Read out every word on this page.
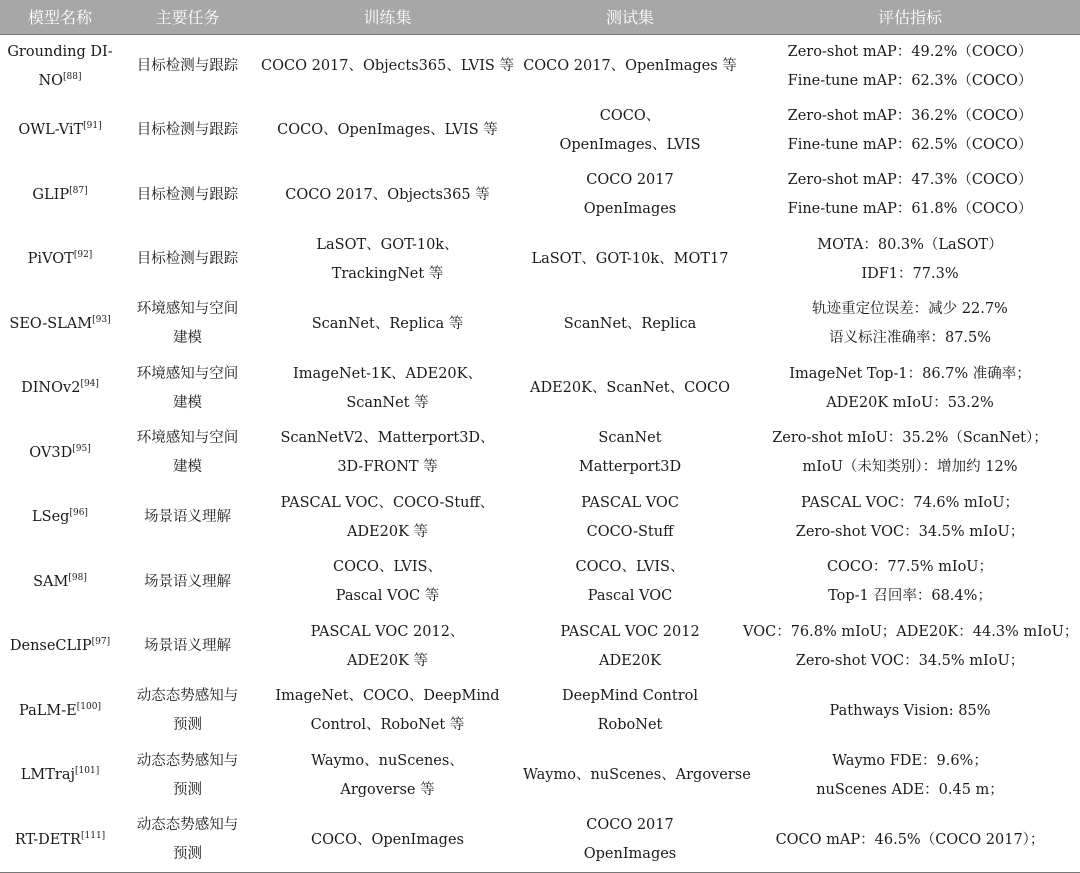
模型名称	主要任务	训练集	测试集	评估指标
Grounding DI-NO[88]	目标检测与跟踪	COCO 2017、Objects365、LVIS 等	COCO 2017、OpenImages 等	Zero-shot mAP：49.2%（COCO）
Fine-tune mAP：62.3%（COCO）

OWL-ViT[91]	目标检测与跟踪	COCO、OpenImages、LVIS 等	COCO、
OpenImages、LVIS	Zero-shot mAP：36.2%（COCO）
Fine-tune mAP：62.5%（COCO）

GLIP[87]	目标检测与跟踪	COCO 2017、Objects365 等	COCO 2017
OpenImages	Zero-shot mAP：47.3%（COCO）
Fine-tune mAP：61.8%（COCO）

PiVOT[92]	目标检测与跟踪	LaSOT、GOT-10k、
TrackingNet 等	LaSOT、GOT-10k、MOT17	MOTA：80.3%（LaSOT）
IDF1：77.3%

SEO-SLAM[93]	环境感知与空间
建模	ScanNet、Replica 等	ScanNet、Replica	轨迹重定位误差：减少 22.7%
语义标注准确率：87.5%

DINOv2[94]	环境感知与空间
建模	ImageNet-1K、ADE20K、
ScanNet 等	ADE20K、ScanNet、COCO	ImageNet Top-1：86.7% 准确率；
ADE20K mIoU：53.2%

OV3D[95]	环境感知与空间
建模	ScanNetV2、Matterport3D、
3D-FRONT 等	ScanNet
Matterport3D	Zero-shot mIoU：35.2%（ScanNet）；
mIoU（未知类别）：增加约 12%

LSeg[96]	场景语义理解	PASCAL VOC、COCO-Stuff、
ADE20K 等	PASCAL VOC
COCO-Stuff	PASCAL VOC：74.6% mIoU；
Zero-shot VOC：34.5% mIoU；

SAM[98]	场景语义理解	COCO、LVIS、
Pascal VOC 等	COCO、LVIS、
Pascal VOC	COCO：77.5% mIoU；
Top-1 召回率：68.4%；

DenseCLIP[97]	场景语义理解	PASCAL VOC 2012、
ADE20K 等	PASCAL VOC 2012
ADE20K	VOC：76.8% mIoU；ADE20K：44.3% mIoU；
Zero-shot VOC：34.5% mIoU；

PaLM-E[100]	动态态势感知与
预测	ImageNet、COCO、DeepMind
Control、RoboNet 等	DeepMind Control
RoboNet	Pathways Vision: 85%

LMTraj[101]	动态态势感知与
预测	Waymo、nuScenes、
Argoverse 等	Waymo、nuScenes、Argoverse	Waymo FDE：9.6%；
nuScenes ADE：0.45 m；

RT-DETR[111]	动态态势感知与
预测	COCO、OpenImages	COCO 2017
OpenImages	COCO mAP：46.5%（COCO 2017）；
